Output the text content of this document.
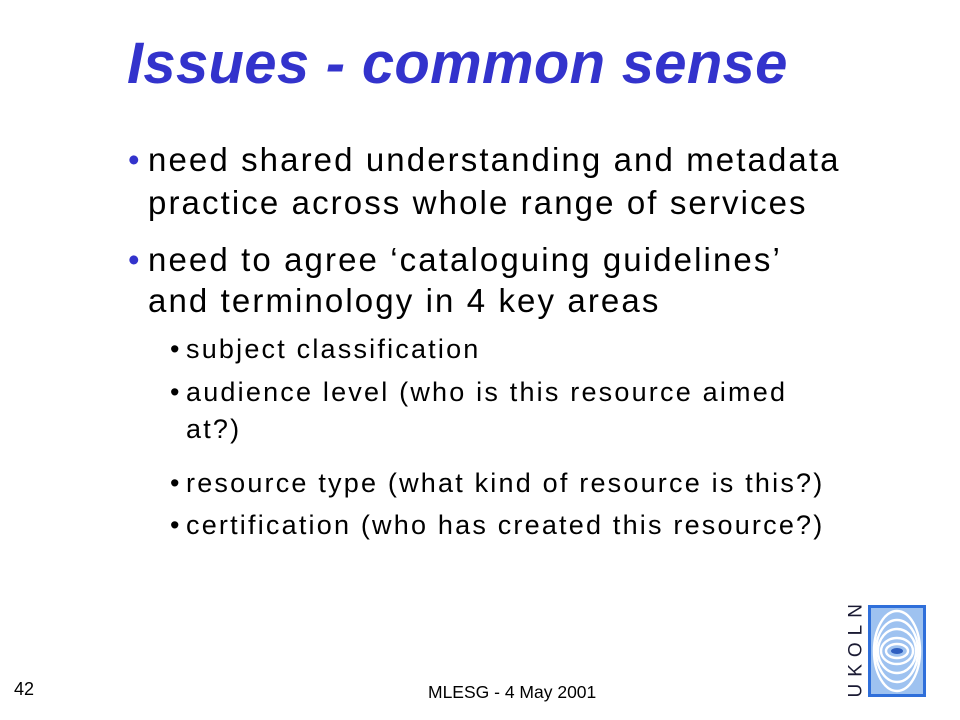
Issues - common sense
• need shared understanding and metadata
practice across whole range of services
• need to agree ‘cataloguing guidelines’
and terminology in 4 key areas
• subject classification
• audience level (who is this resource aimed
at?)
• resource type (what kind of resource is this?)
• certification (who has created this resource?)
42	MLESG - 4 May 2001	UKOLN
